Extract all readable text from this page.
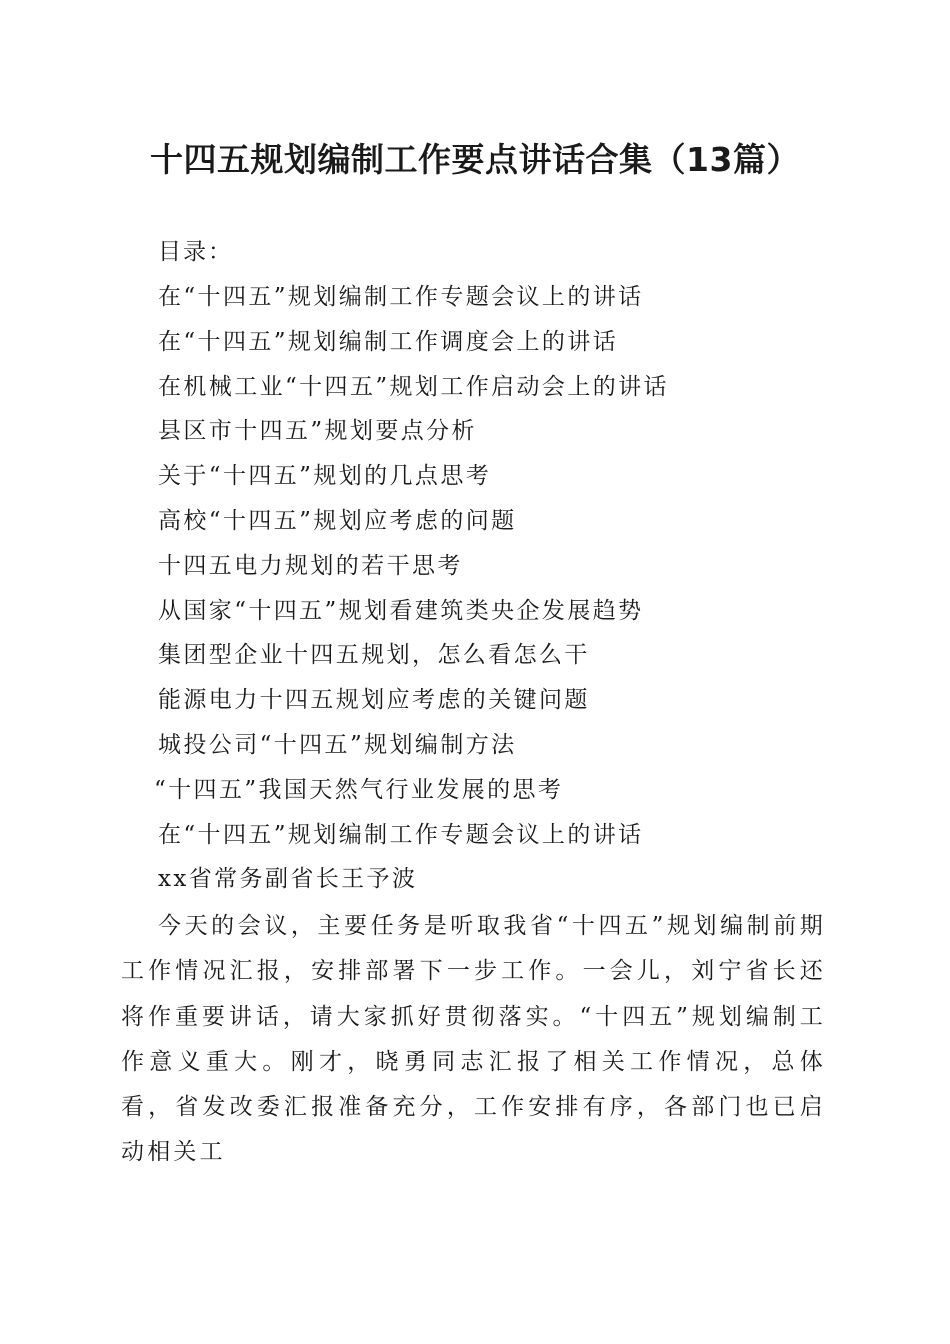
十四五规划编制工作要点讲话合集（13篇）

目录：

在“十四五”规划编制工作专题会议上的讲话
在“十四五”规划编制工作调度会上的讲话
在机械工业“十四五”规划工作启动会上的讲话
县区市十四五”规划要点分析
关于“十四五”规划的几点思考
高校“十四五”规划应考虑的问题
十四五电力规划的若干思考
从国家“十四五”规划看建筑类央企发展趋势
集团型企业十四五规划，怎么看怎么干
能源电力十四五规划应考虑的关键问题
城投公司“十四五”规划编制方法
“十四五”我国天然气行业发展的思考
在“十四五”规划编制工作专题会议上的讲话

xx省常务副省长王予波

今天的会议，主要任务是听取我省“十四五”规划编制前期工作情况汇报，安排部署下一步工作。一会儿，刘宁省长还将作重要讲话，请大家抓好贯彻落实。“十四五”规划编制工作意义重大。刚才，晓勇同志汇报了相关工作情况，总体看，省发改委汇报准备充分，工作安排有序，各部门也已启动相关工
